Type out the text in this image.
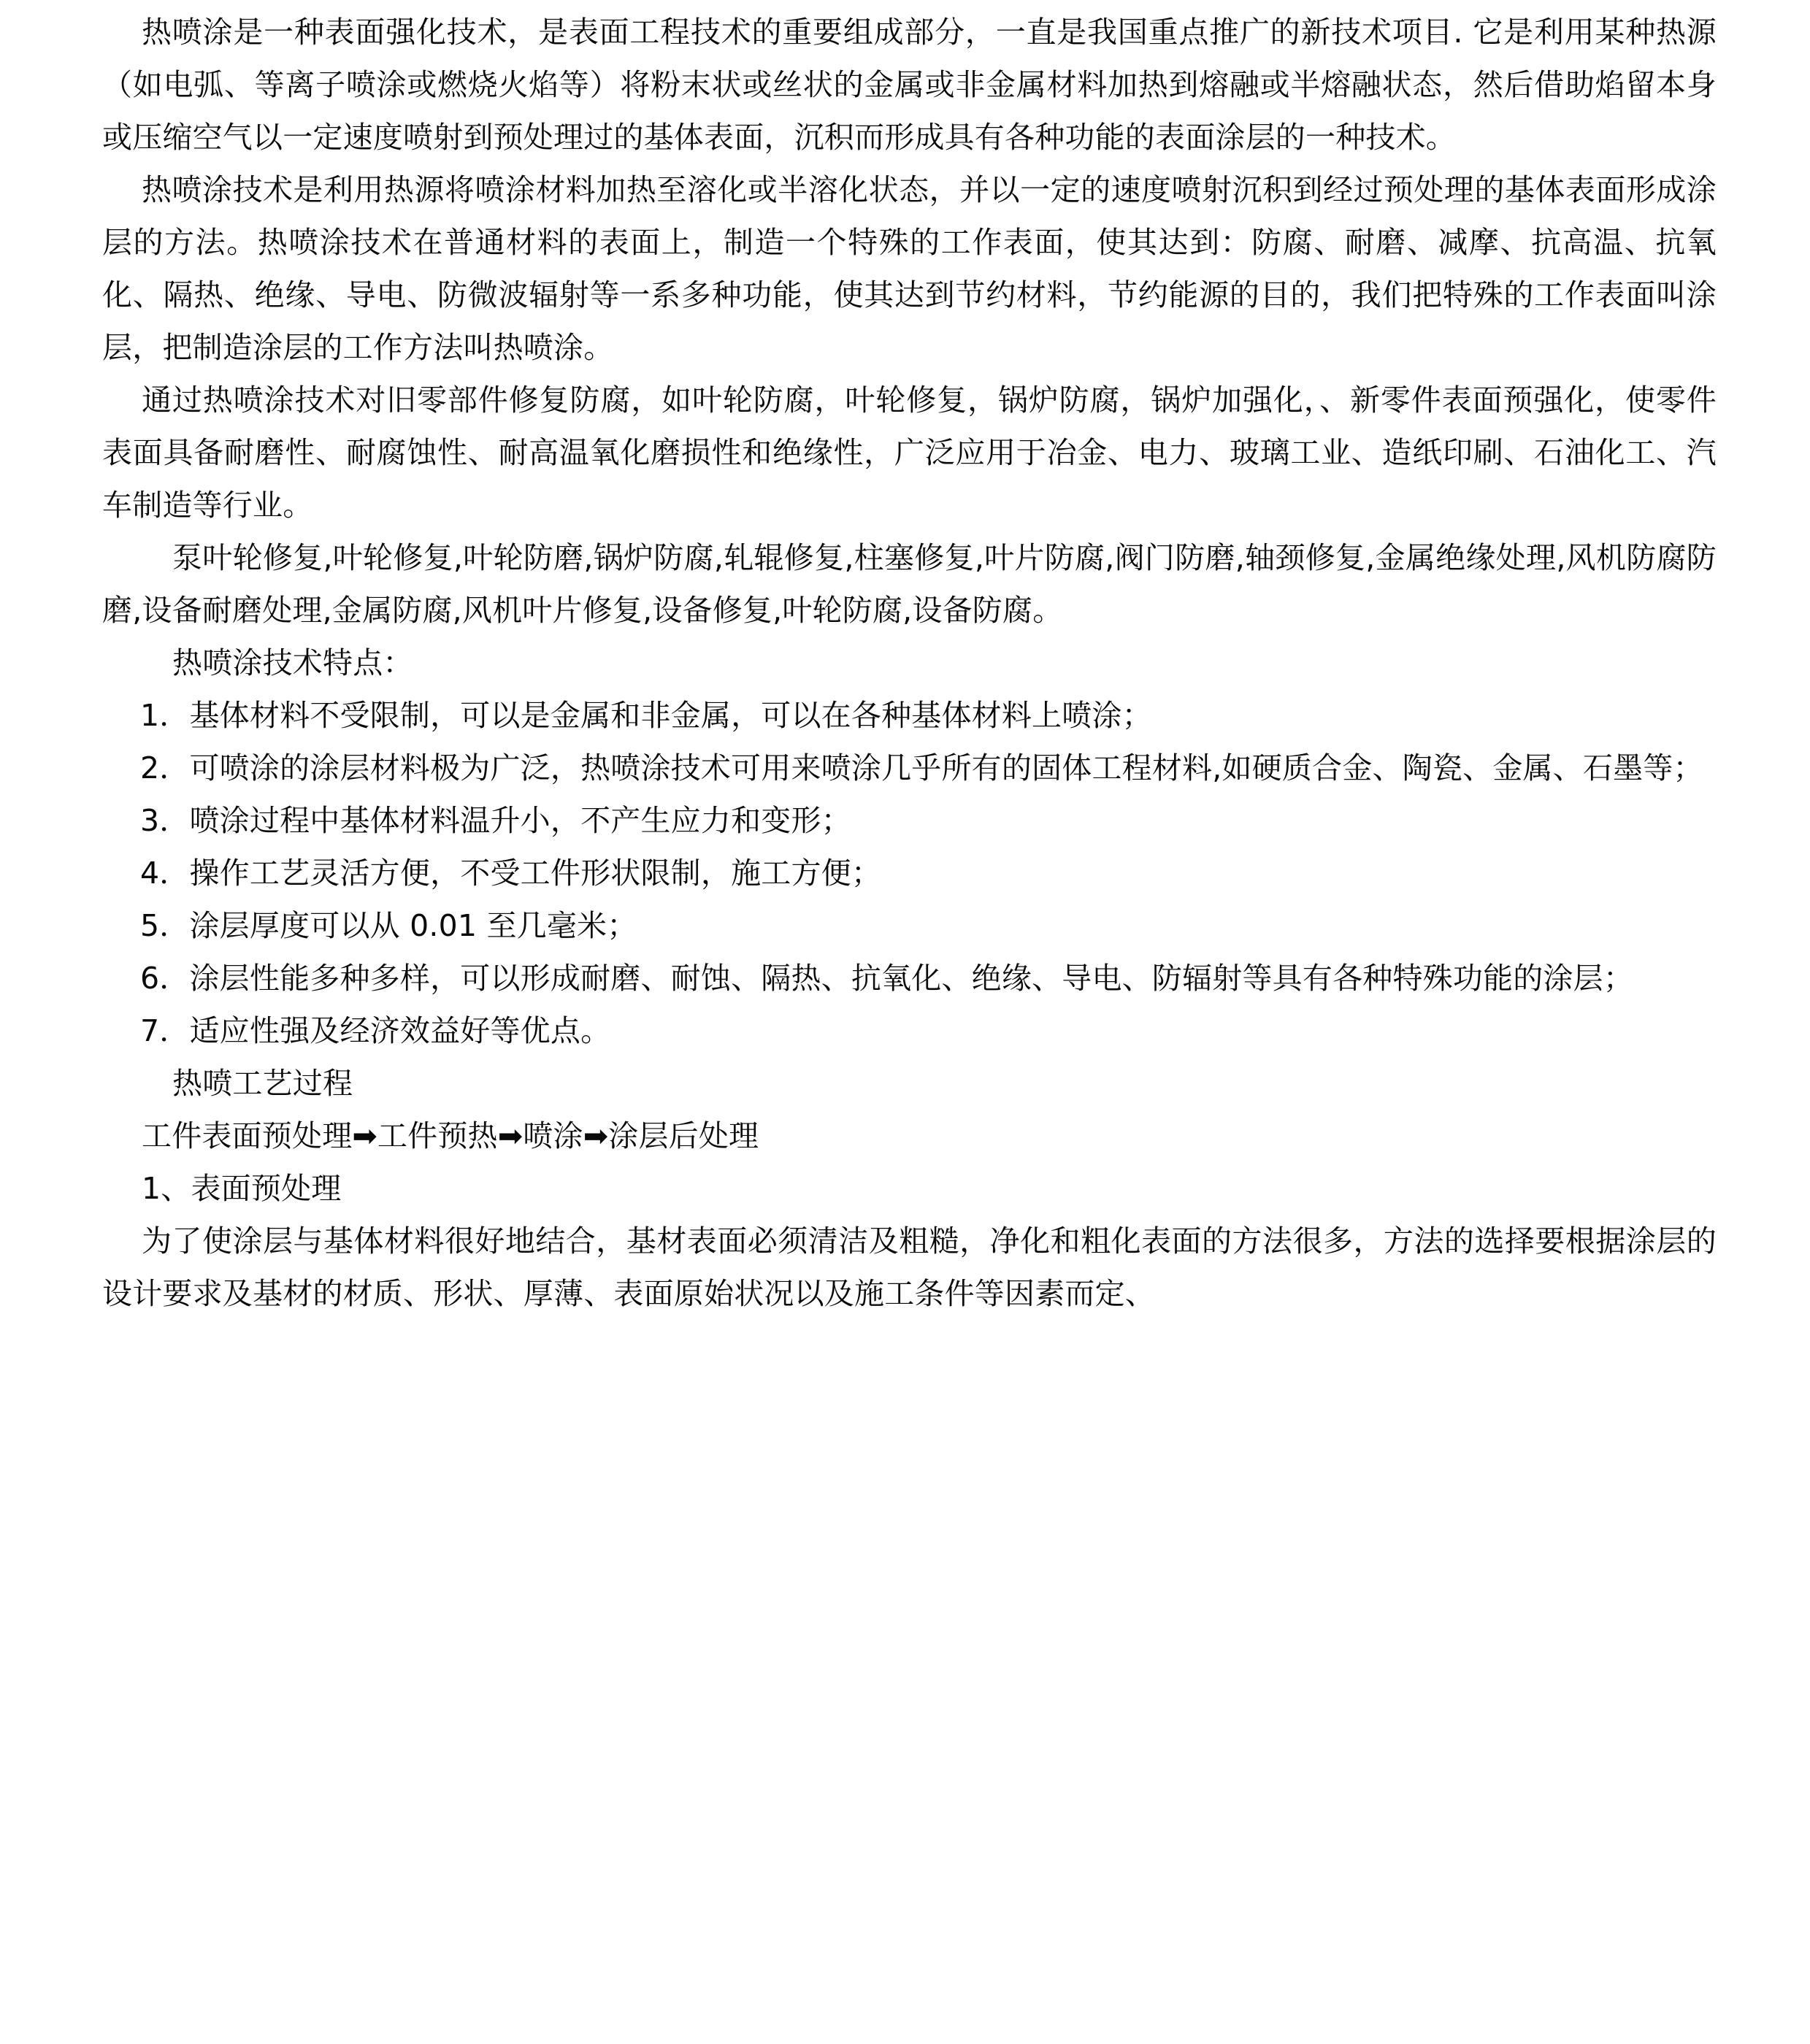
热喷涂是一种表面强化技术，是表面工程技术的重要组成部分，一直是我国重点推广的新技术项目. 它是利用某种热源（如电弧、等离子喷涂或燃烧火焰等）将粉末状或丝状的金属或非金属材料加热到熔融或半熔融状态，然后借助焰留本身或压缩空气以一定速度喷射到预处理过的基体表面，沉积而形成具有各种功能的表面涂层的一种技术。

热喷涂技术是利用热源将喷涂材料加热至溶化或半溶化状态，并以一定的速度喷射沉积到经过预处理的基体表面形成涂层的方法。热喷涂技术在普通材料的表面上，制造一个特殊的工作表面，使其达到：防腐、耐磨、减摩、抗高温、抗氧化、隔热、绝缘、导电、防微波辐射等一系多种功能，使其达到节约材料，节约能源的目的，我们把特殊的工作表面叫涂层，把制造涂层的工作方法叫热喷涂。

通过热喷涂技术对旧零部件修复防腐，如叶轮防腐，叶轮修复，锅炉防腐，锅炉加强化，、新零件表面预强化，使零件表面具备耐磨性、耐腐蚀性、耐高温氧化磨损性和绝缘性，广泛应用于冶金、电力、玻璃工业、造纸印刷、石油化工、汽车制造等行业。

泵叶轮修复,叶轮修复,叶轮防磨,锅炉防腐,轧辊修复,柱塞修复,叶片防腐,阀门防磨,轴颈修复,金属绝缘处理,风机防腐防磨,设备耐磨处理,金属防腐,风机叶片修复,设备修复,叶轮防腐,设备防腐。

热喷涂技术特点：

1．基体材料不受限制，可以是金属和非金属，可以在各种基体材料上喷涂；

2．可喷涂的涂层材料极为广泛，热喷涂技术可用来喷涂几乎所有的固体工程材料,如硬质合金、陶瓷、金属、石墨等；

3．喷涂过程中基体材料温升小，不产生应力和变形；

4．操作工艺灵活方便，不受工件形状限制，施工方便；

5．涂层厚度可以从 0.01 至几毫米；

6．涂层性能多种多样，可以形成耐磨、耐蚀、隔热、抗氧化、绝缘、导电、防辐射等具有各种特殊功能的涂层；

7．适应性强及经济效益好等优点。

热喷工艺过程

工件表面预处理➡工件预热➡喷涂➡涂层后处理

1、表面预处理

为了使涂层与基体材料很好地结合，基材表面必须清洁及粗糙，净化和粗化表面的方法很多，方法的选择要根据涂层的设计要求及基材的材质、形状、厚薄、表面原始状况以及施工条件等因素而定、
